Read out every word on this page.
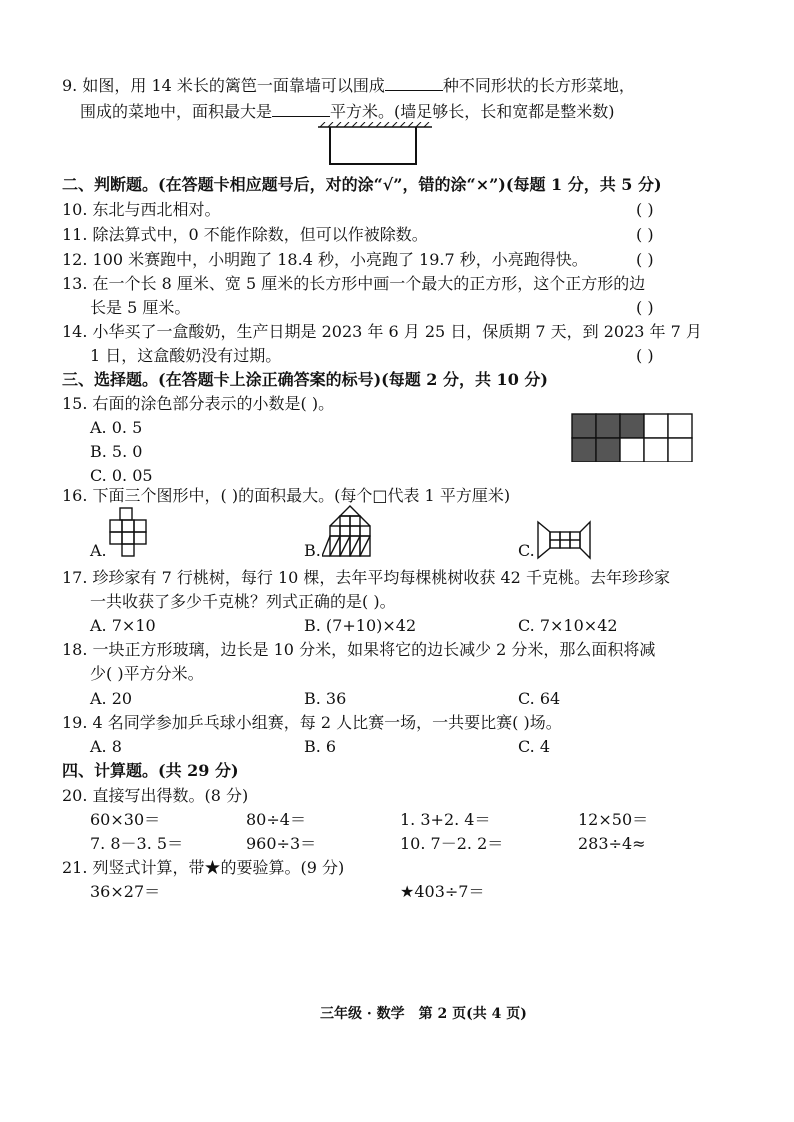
9. 如图，用 14 米长的篱笆一面靠墙可以围成	种不同形状的长方形菜地，
围成的菜地中，面积最大是	平方米。(墙足够长，长和宽都是整米数)
二、判断题。(在答题卡相应题号后，对的涂“√”，错的涂“×”)(每题 1 分，共 5 分)
10. 东北与西北相对。	( )
11. 除法算式中，0 不能作除数，但可以作被除数。	( )
12. 100 米赛跑中，小明跑了 18.4 秒，小亮跑了 19.7 秒，小亮跑得快。	( )
13. 在一个长 8 厘米、宽 5 厘米的长方形中画一个最大的正方形，这个正方形的边
长是 5 厘米。	( )
14. 小华买了一盒酸奶，生产日期是 2023 年 6 月 25 日，保质期 7 天，到 2023 年 7 月
1 日，这盒酸奶没有过期。	( )
三、选择题。(在答题卡上涂正确答案的标号)(每题 2 分，共 10 分)
15. 右面的涂色部分表示的小数是( )。
A. 0. 5
B. 5. 0
C. 0. 05
16. 下面三个图形中，( )的面积最大。(每个□代表 1 平方厘米)
A.	B.	C.
17. 珍珍家有 7 行桃树，每行 10 棵，去年平均每棵桃树收获 42 千克桃。去年珍珍家
一共收获了多少千克桃？列式正确的是( )。
A. 7×10	B. (7+10)×42	C. 7×10×42
18. 一块正方形玻璃，边长是 10 分米，如果将它的边长减少 2 分米，那么面积将减
少( )平方分米。
A. 20	B. 36	C. 64
19. 4 名同学参加乒乓球小组赛，每 2 人比赛一场，一共要比赛( )场。
A. 8	B. 6	C. 4
四、计算题。(共 29 分)
20. 直接写出得数。(8 分)
60×30＝	80÷4＝	1. 3+2. 4＝	12×50＝
7. 8－3. 5＝	960÷3＝	10. 7－2. 2＝	283÷4≈
21. 列竖式计算，带★的要验算。(9 分)
36×27＝	★403÷7＝
三年级 · 数学　第 2 页(共 4 页)
